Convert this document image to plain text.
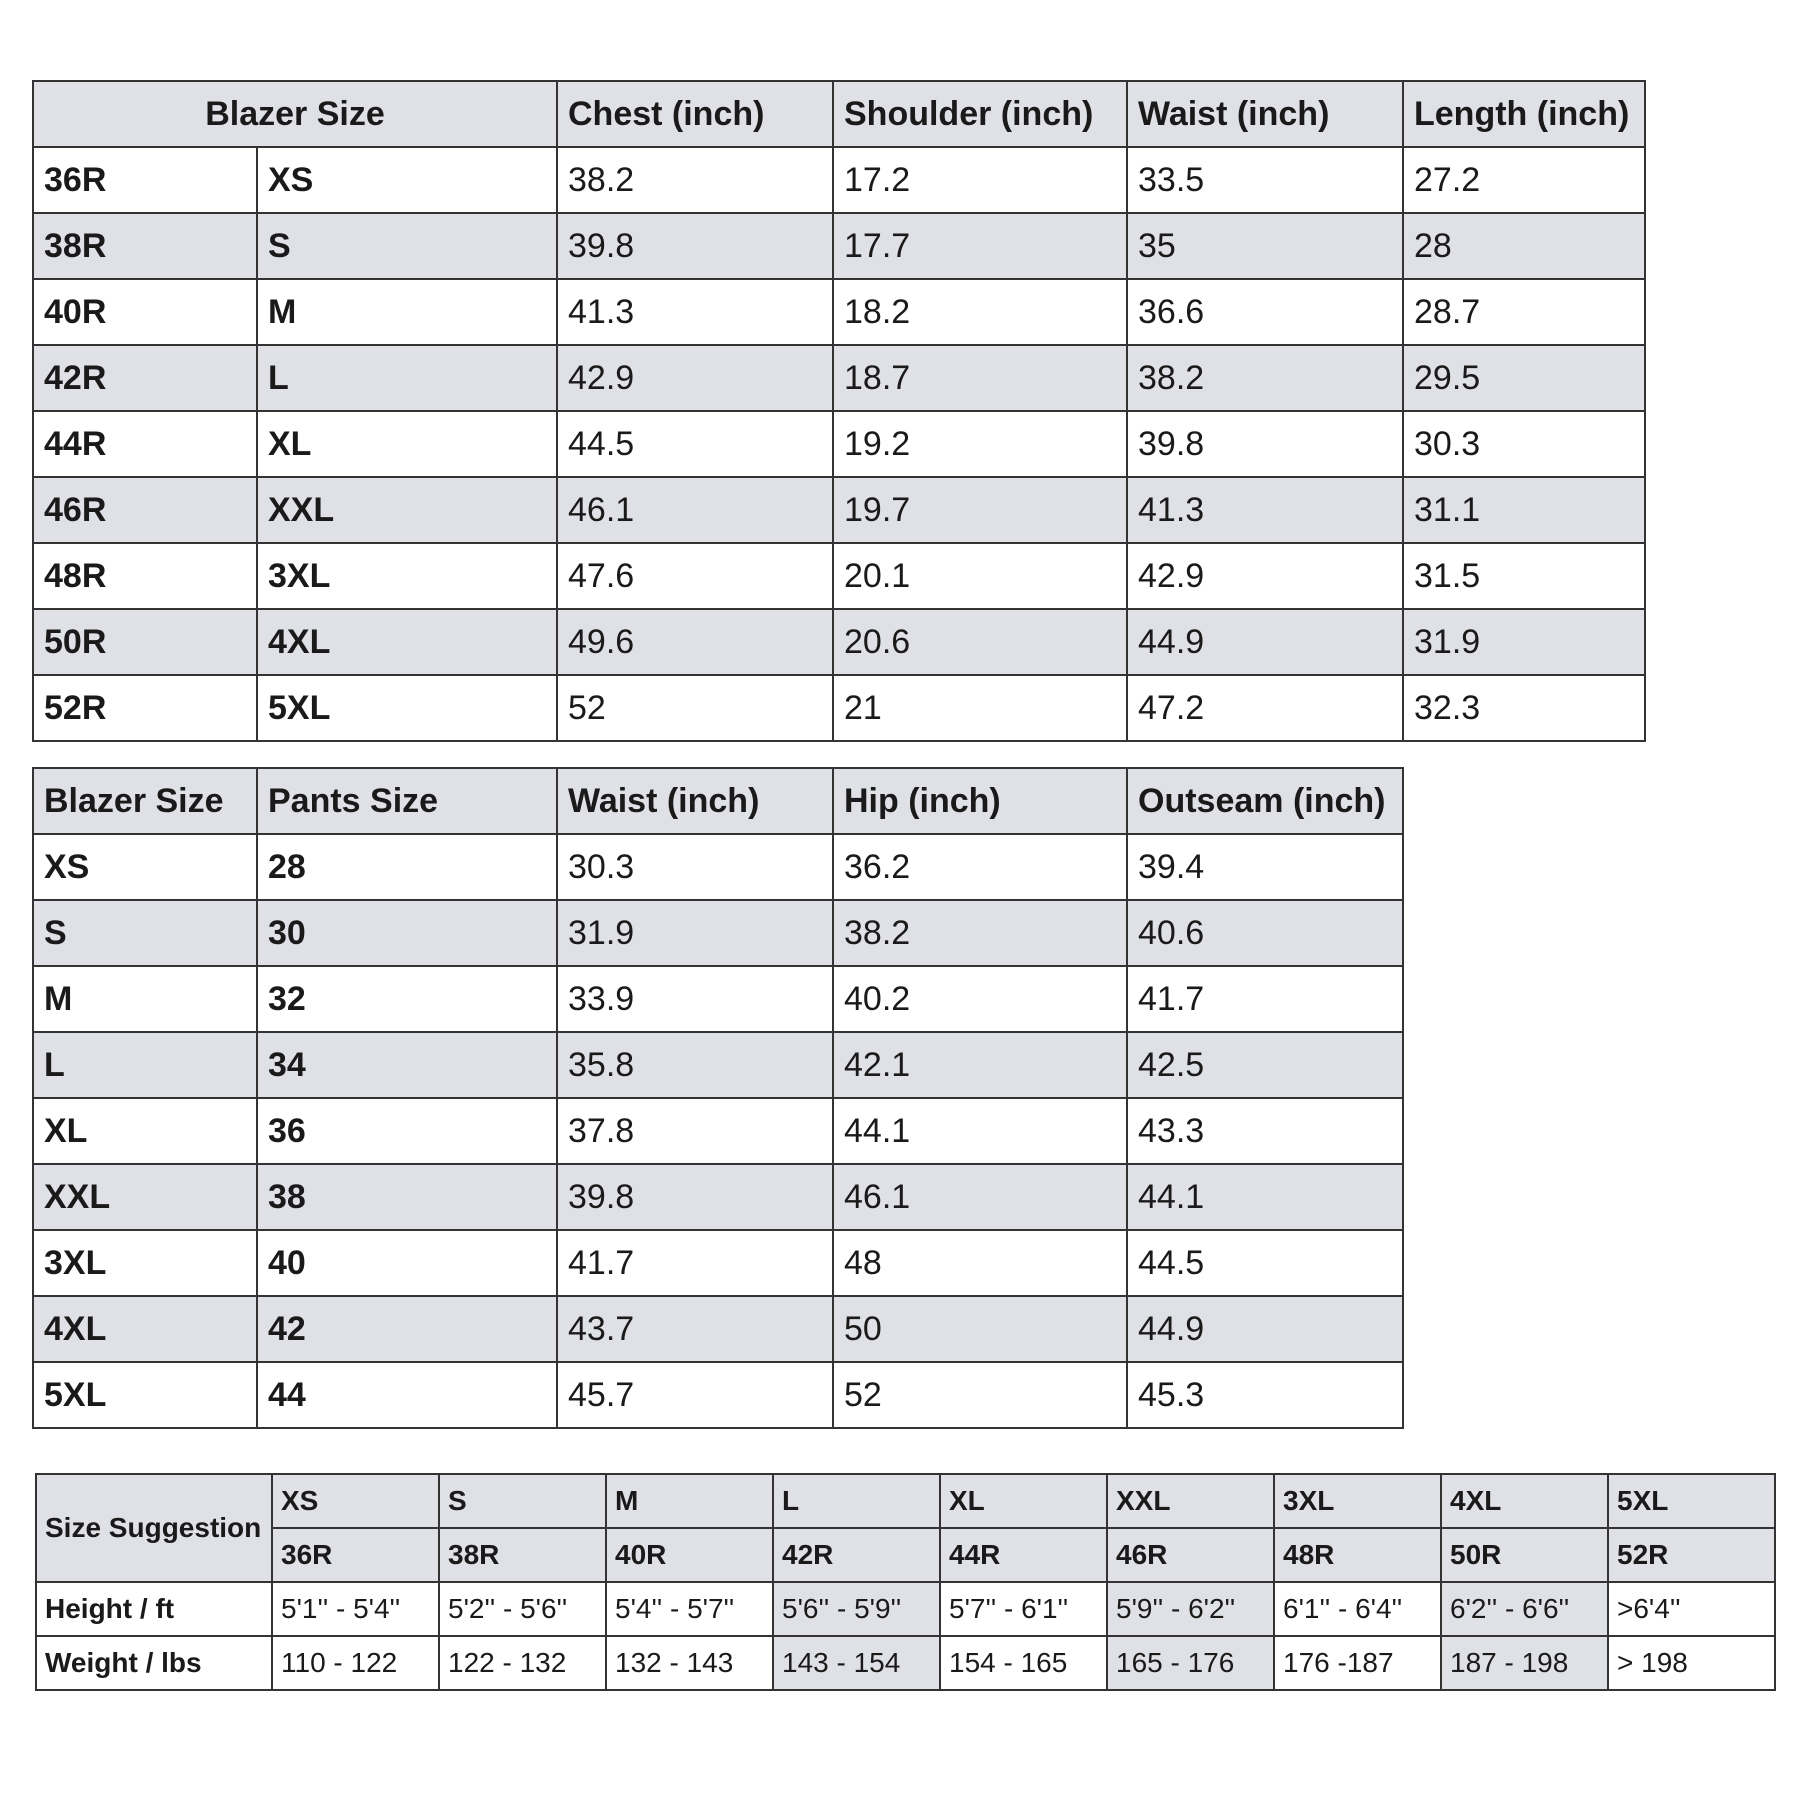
Blazer Size		Chest (inch)	Shoulder (inch)	Waist (inch)	Length (inch)
36R	XS	38.2	17.2	33.5	27.2
38R	S	39.8	17.7	35	28
40R	M	41.3	18.2	36.6	28.7
42R	L	42.9	18.7	38.2	29.5
44R	XL	44.5	19.2	39.8	30.3
46R	XXL	46.1	19.7	41.3	31.1
48R	3XL	47.6	20.1	42.9	31.5
50R	4XL	49.6	20.6	44.9	31.9
52R	5XL	52	21	47.2	32.3
Blazer Size	Pants Size	Waist (inch)	Hip (inch)	Outseam (inch)
XS	28	30.3	36.2	39.4
S	30	31.9	38.2	40.6
M	32	33.9	40.2	41.7
L	34	35.8	42.1	42.5
XL	36	37.8	44.1	43.3
XXL	38	39.8	46.1	44.1
3XL	40	41.7	48	44.5
4XL	42	43.7	50	44.9
5XL	44	45.7	52	45.3
Size Suggestion	XS	S	M	L	XL	XXL	3XL	4XL	5XL
	36R	38R	40R	42R	44R	46R	48R	50R	52R
Height / ft	5'1'' - 5'4''	5'2'' - 5'6''	5'4'' - 5'7''	5'6'' - 5'9''	5'7'' - 6'1''	5'9'' - 6'2''	6'1'' - 6'4''	6'2'' - 6'6''	>6'4''
Weight / lbs	110 - 122	122 - 132	132 - 143	143 - 154	154 - 165	165 - 176	176 -187	187 - 198	> 198
